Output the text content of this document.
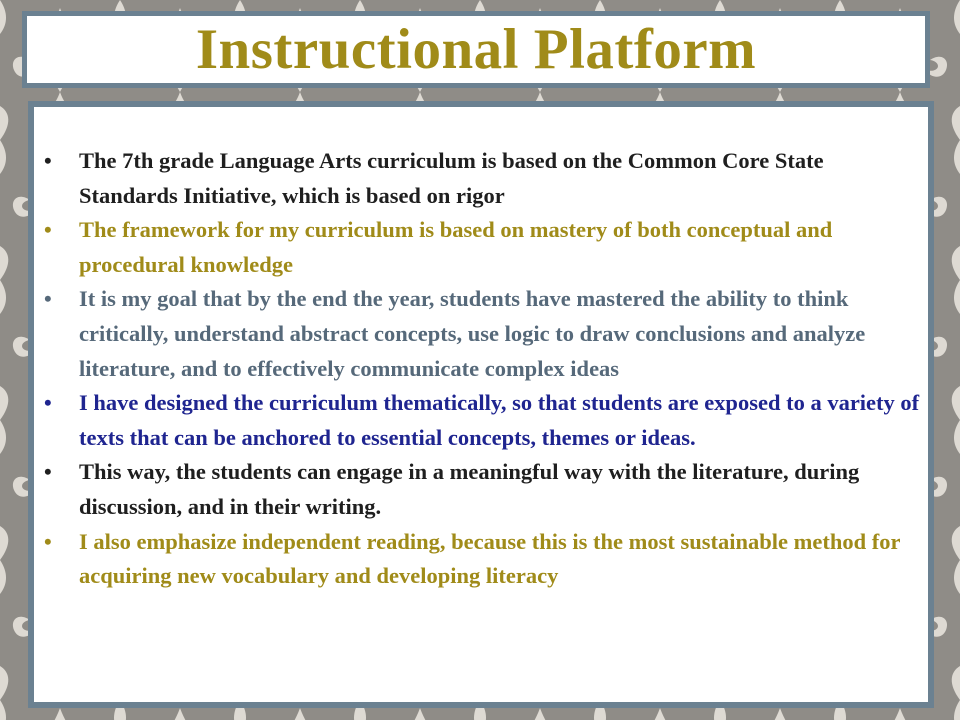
Instructional Platform
• The 7th grade Language Arts curriculum is based on the Common Core State Standards Initiative, which is based on rigor
• The framework for my curriculum is based on mastery of both conceptual and procedural knowledge
• It is my goal that by the end the year, students have mastered the ability to think critically, understand abstract concepts, use logic to draw conclusions and analyze literature, and to effectively communicate complex ideas
• I have designed the curriculum thematically, so that students are exposed to a variety of texts that can be anchored to essential concepts, themes or ideas.
• This way, the students can engage in a meaningful way with the literature, during discussion, and in their writing.
• I also emphasize independent reading, because this is the most sustainable method for acquiring new vocabulary and developing literacy
